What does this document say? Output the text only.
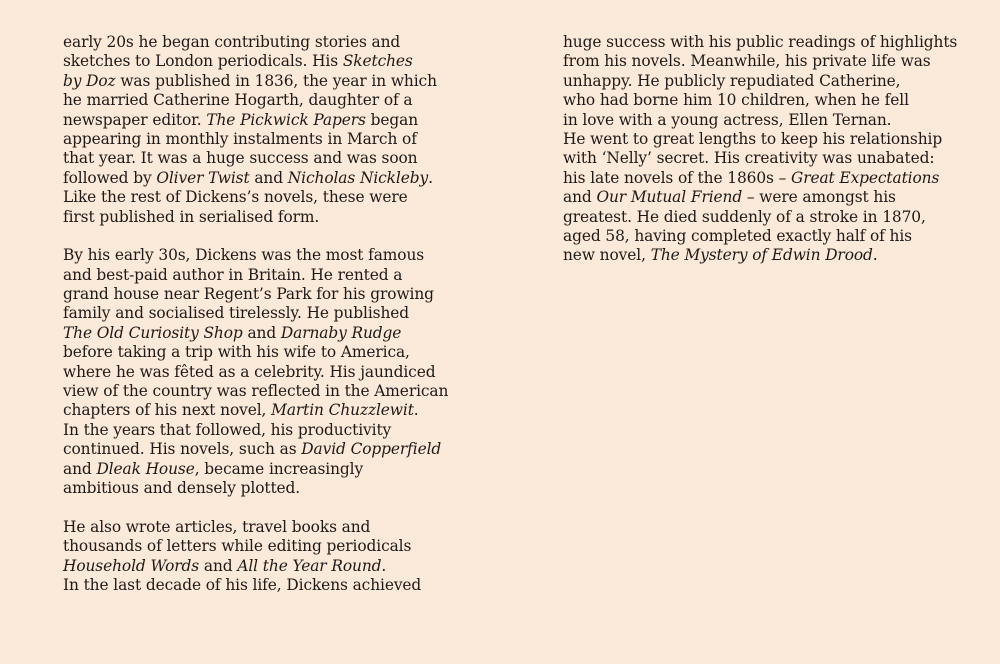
early 20s he began contributing stories and
sketches to London periodicals. His Sketches
by Doz was published in 1836, the year in which
he married Catherine Hogarth, daughter of a
newspaper editor. The Pickwick Papers began
appearing in monthly instalments in March of
that year. It was a huge success and was soon
followed by Oliver Twist and Nicholas Nickleby.
Like the rest of Dickens’s novels, these were
first published in serialised form.
By his early 30s, Dickens was the most famous
and best-paid author in Britain. He rented a
grand house near Regent’s Park for his growing
family and socialised tirelessly. He published
The Old Curiosity Shop and Darnaby Rudge
before taking a trip with his wife to America,
where he was fêted as a celebrity. His jaundiced
view of the country was reflected in the American
chapters of his next novel, Martin Chuzzlewit.
In the years that followed, his productivity
continued. His novels, such as David Copperfield
and Dleak House, became increasingly
ambitious and densely plotted.
He also wrote articles, travel books and
thousands of letters while editing periodicals
Household Words and All the Year Round.
In the last decade of his life, Dickens achieved
huge success with his public readings of highlights
from his novels. Meanwhile, his private life was
unhappy. He publicly repudiated Catherine,
who had borne him 10 children, when he fell
in love with a young actress, Ellen Ternan.
He went to great lengths to keep his relationship
with ‘Nelly’ secret. His creativity was unabated:
his late novels of the 1860s – Great Expectations
and Our Mutual Friend – were amongst his
greatest. He died suddenly of a stroke in 1870,
aged 58, having completed exactly half of his
new novel, The Mystery of Edwin Drood.
